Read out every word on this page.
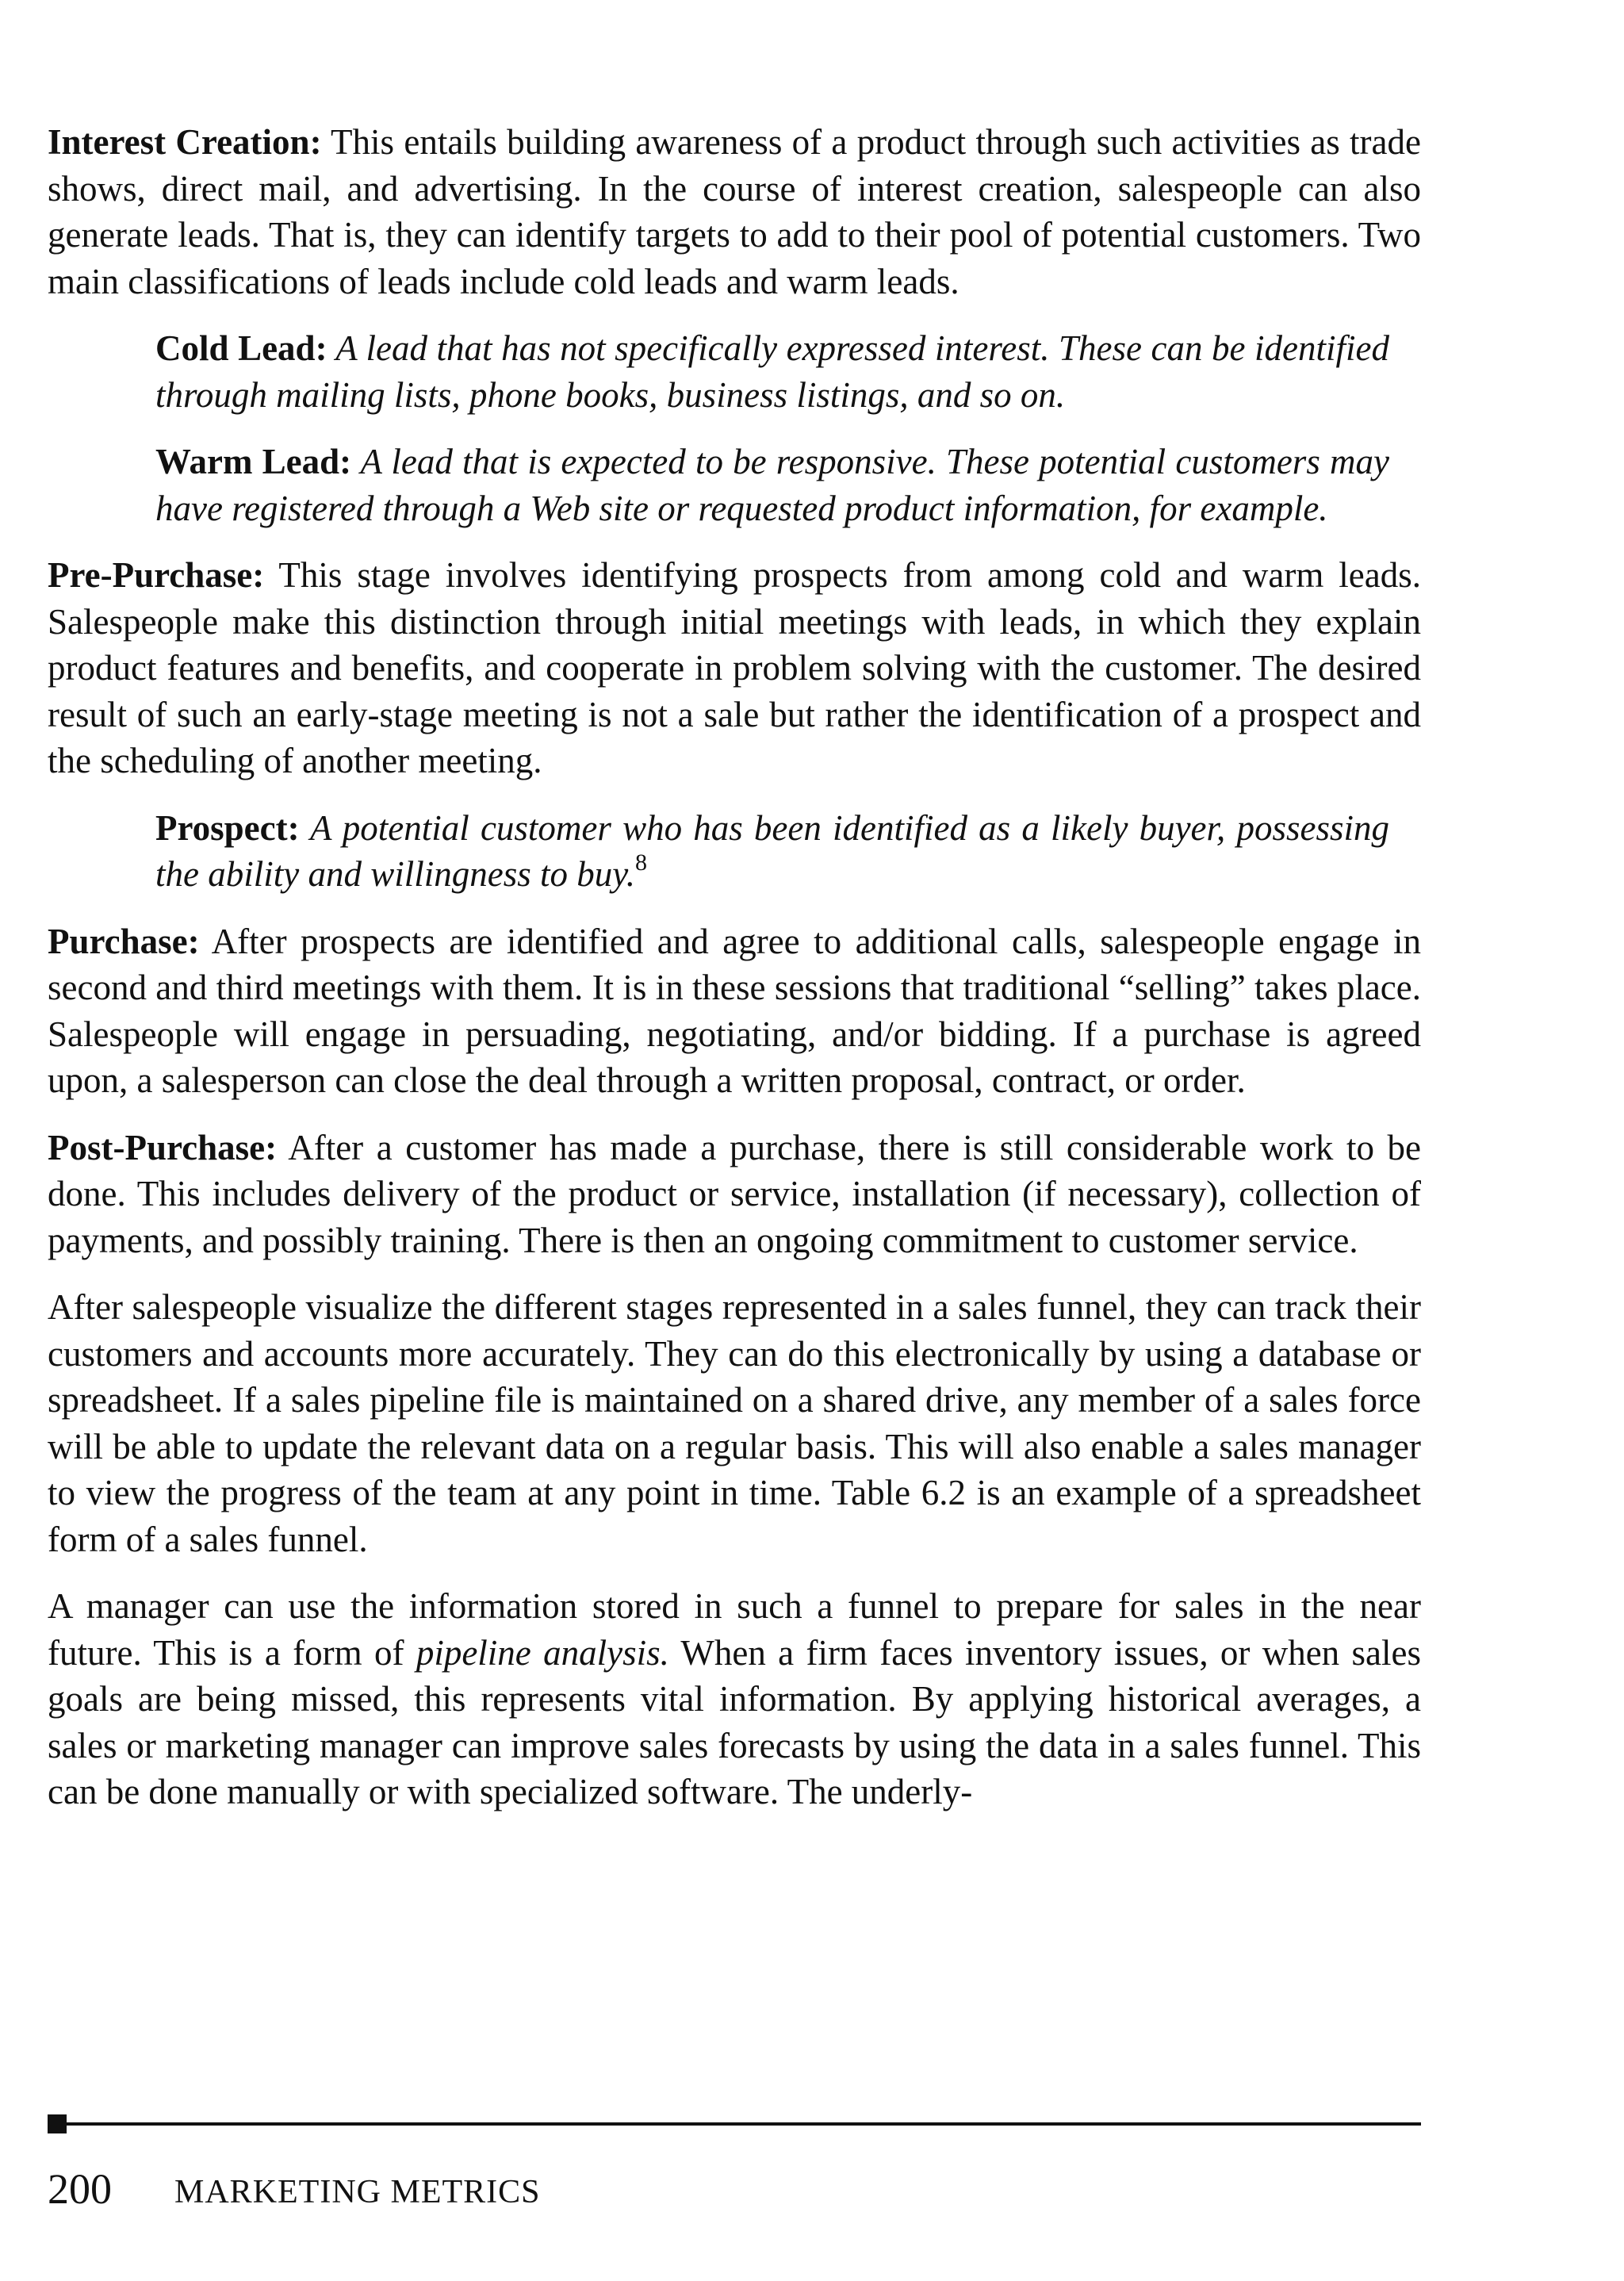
Interest Creation: This entails building awareness of a product through such activities as trade shows, direct mail, and advertising. In the course of interest creation, salespeople can also generate leads. That is, they can identify targets to add to their pool of potential customers. Two main classifications of leads include cold leads and warm leads.

Cold Lead: A lead that has not specifically expressed interest. These can be identified through mailing lists, phone books, business listings, and so on.

Warm Lead: A lead that is expected to be responsive. These potential customers may have registered through a Web site or requested product information, for example.

Pre-Purchase: This stage involves identifying prospects from among cold and warm leads. Salespeople make this distinction through initial meetings with leads, in which they explain product features and benefits, and cooperate in problem solving with the customer. The desired result of such an early-stage meeting is not a sale but rather the identification of a prospect and the scheduling of another meeting.

Prospect: A potential customer who has been identified as a likely buyer, possessing the ability and willingness to buy.$^8$

Purchase: After prospects are identified and agree to additional calls, salespeople engage in second and third meetings with them. It is in these sessions that traditional “selling” takes place. Salespeople will engage in persuading, negotiating, and/or bidding. If a purchase is agreed upon, a salesperson can close the deal through a written proposal, contract, or order.

Post-Purchase: After a customer has made a purchase, there is still considerable work to be done. This includes delivery of the product or service, installation (if necessary), collection of payments, and possibly training. There is then an ongoing commitment to customer service.

After salespeople visualize the different stages represented in a sales funnel, they can track their customers and accounts more accurately. They can do this electronically by using a database or spreadsheet. If a sales pipeline file is maintained on a shared drive, any member of a sales force will be able to update the relevant data on a regular basis. This will also enable a sales manager to view the progress of the team at any point in time. Table 6.2 is an example of a spreadsheet form of a sales funnel.

A manager can use the information stored in such a funnel to prepare for sales in the near future. This is a form of pipeline analysis. When a firm faces inventory issues, or when sales goals are being missed, this represents vital information. By applying historical averages, a sales or marketing manager can improve sales forecasts by using the data in a sales funnel. This can be done manually or with specialized software. The underly-

200 MARKETING METRICS
